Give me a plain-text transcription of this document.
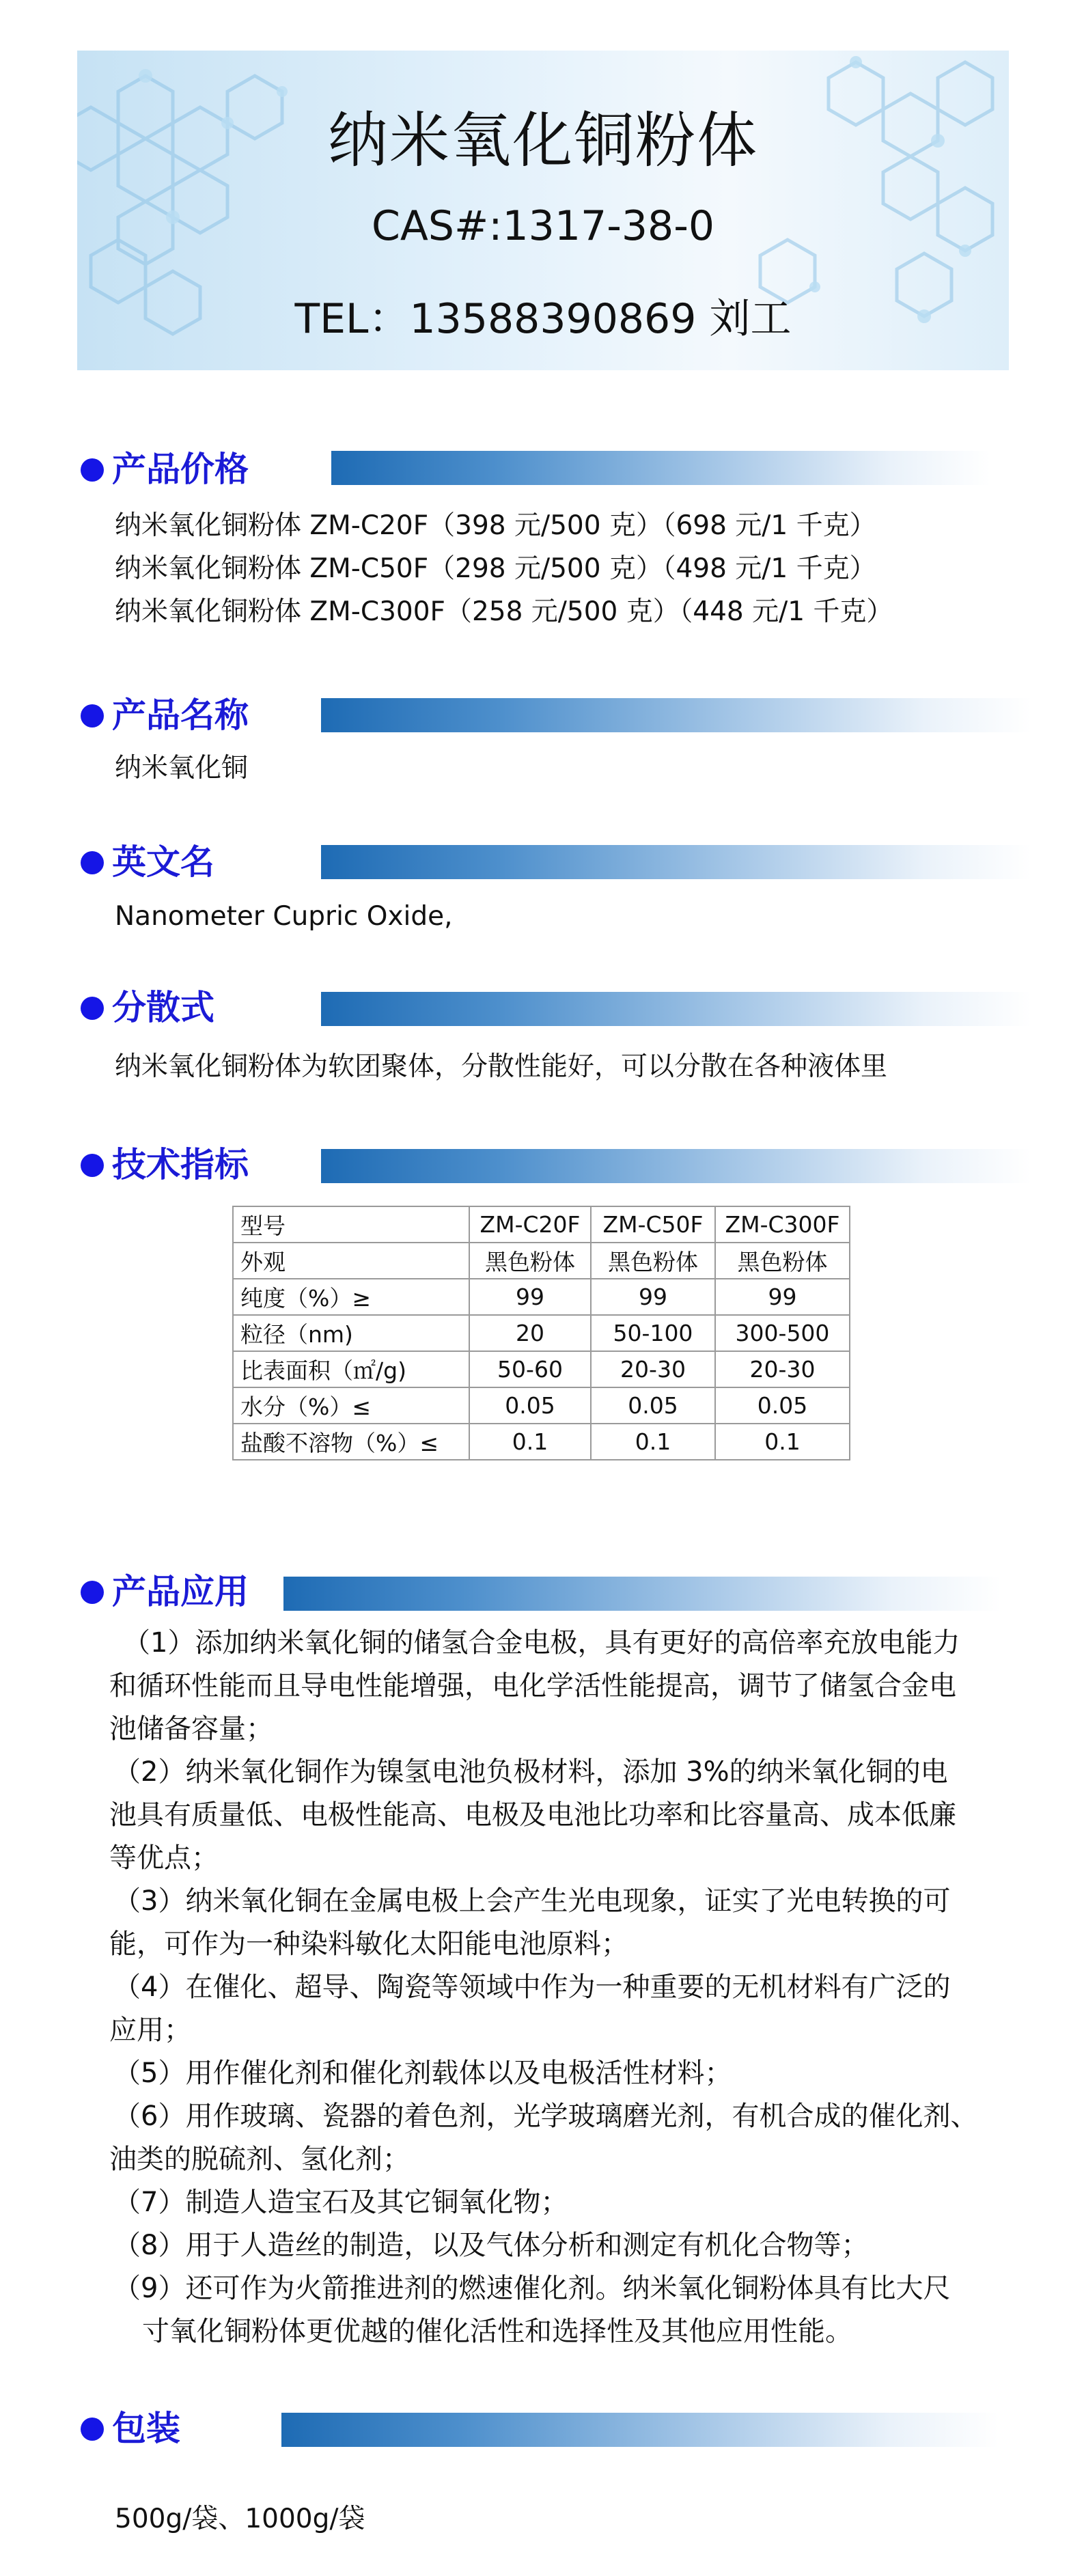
纳米氧化铜粉体
CAS#:1317-38-0
TEL：13588390869 刘工
产品价格
纳米氧化铜粉体 ZM-C20F（398 元/500 克）（698 元/1 千克）
纳米氧化铜粉体 ZM-C50F（298 元/500 克）（498 元/1 千克）
纳米氧化铜粉体 ZM-C300F（258 元/500 克）（448 元/1 千克）
产品名称
纳米氧化铜
英文名
Nanometer Cupric Oxide,
分散式
纳米氧化铜粉体为软团聚体，分散性能好，可以分散在各种液体里
技术指标
型号	ZM-C20F	ZM-C50F	ZM-C300F
外观	黑色粉体	黑色粉体	黑色粉体
纯度（%）≥	99	99	99
粒径（nm)	20	50-100	300-500
比表面积（㎡/g)	50-60	20-30	20-30
水分（%）≤	0.05	0.05	0.05
盐酸不溶物（%）≤	0.1	0.1	0.1
产品应用
（1）添加纳米氧化铜的储氢合金电极，具有更好的高倍率充放电能力
和循环性能而且导电性能增强，电化学活性能提高，调节了储氢合金电
池储备容量；
（2）纳米氧化铜作为镍氢电池负极材料，添加 3%的纳米氧化铜的电
池具有质量低、电极性能高、电极及电池比功率和比容量高、成本低廉
等优点；
（3）纳米氧化铜在金属电极上会产生光电现象，证实了光电转换的可
能，可作为一种染料敏化太阳能电池原料；
（4）在催化、超导、陶瓷等领域中作为一种重要的无机材料有广泛的
应用；
（5）用作催化剂和催化剂载体以及电极活性材料；
（6）用作玻璃、瓷器的着色剂，光学玻璃磨光剂，有机合成的催化剂、
油类的脱硫剂、氢化剂；
（7）制造人造宝石及其它铜氧化物；
（8）用于人造丝的制造，以及气体分析和测定有机化合物等；
（9）还可作为火箭推进剂的燃速催化剂。纳米氧化铜粉体具有比大尺
寸氧化铜粉体更优越的催化活性和选择性及其他应用性能。
包装
500g/袋、1000g/袋
